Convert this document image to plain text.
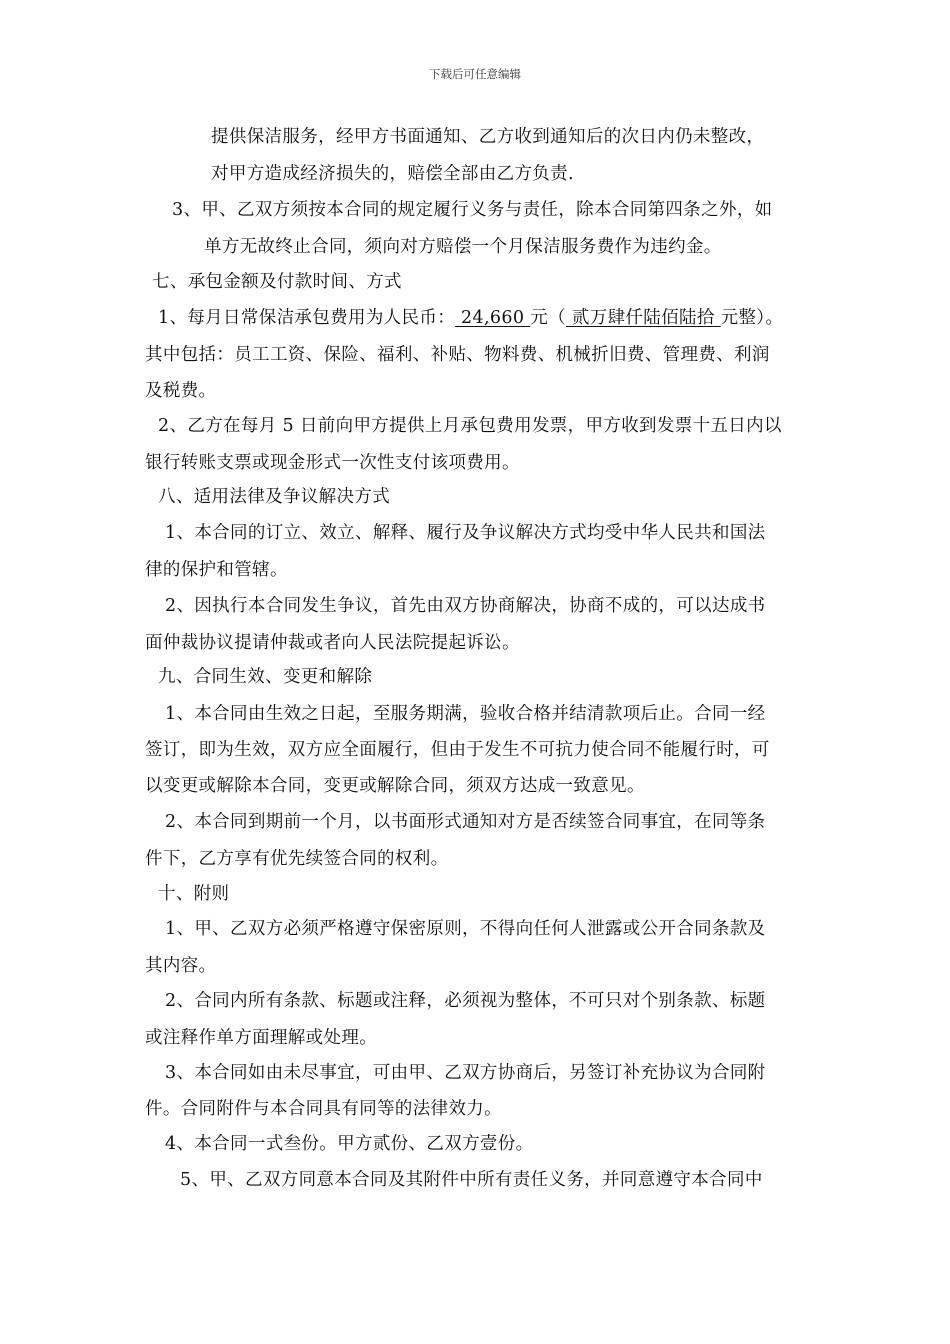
下载后可任意编辑
提供保洁服务，经甲方书面通知、乙方收到通知后的次日内仍未整改，
对甲方造成经济损失的，赔偿全部由乙方负责.
3、甲、乙双方须按本合同的规定履行义务与责任，除本合同第四条之外，如
单方无故终止合同，须向对方赔偿一个月保洁服务费作为违约金。
七、承包金额及付款时间、方式
1、每月日常保洁承包费用为人民币： 24,660 元（ 贰万肆仟陆佰陆拾 元整）。
其中包括：员工工资、保险、福利、补贴、物料费、机械折旧费、管理费、利润
及税费。
2、乙方在每月 5 日前向甲方提供上月承包费用发票，甲方收到发票十五日内以
银行转账支票或现金形式一次性支付该项费用。
八、适用法律及争议解决方式
1、本合同的订立、效立、解释、履行及争议解决方式均受中华人民共和国法
律的保护和管辖。
2、因执行本合同发生争议，首先由双方协商解决，协商不成的，可以达成书
面仲裁协议提请仲裁或者向人民法院提起诉讼。
九、合同生效、变更和解除
1、本合同由生效之日起，至服务期满，验收合格并结清款项后止。合同一经
签订，即为生效，双方应全面履行，但由于发生不可抗力使合同不能履行时，可
以变更或解除本合同，变更或解除合同，须双方达成一致意见。
2、本合同到期前一个月，以书面形式通知对方是否续签合同事宜，在同等条
件下，乙方享有优先续签合同的权利。
十、附则
1、甲、乙双方必须严格遵守保密原则，不得向任何人泄露或公开合同条款及
其内容。
2、合同内所有条款、标题或注释，必须视为整体，不可只对个别条款、标题
或注释作单方面理解或处理。
3、本合同如由未尽事宜，可由甲、乙双方协商后，另签订补充协议为合同附
件。合同附件与本合同具有同等的法律效力。
4、本合同一式叁份。甲方贰份、乙双方壹份。
5、甲、乙双方同意本合同及其附件中所有责任义务，并同意遵守本合同中
